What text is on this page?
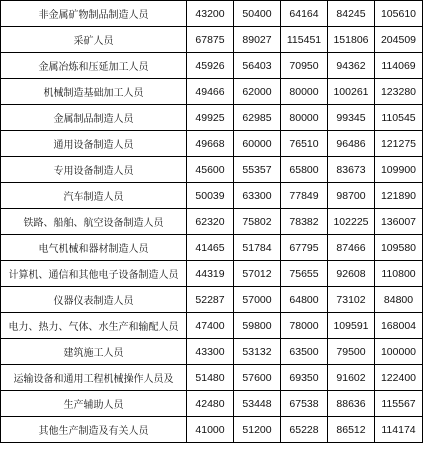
非金属矿物制品制造人员	43200	50400	64164	84245	105610
采矿人员	67875	89027	115451	151806	204509
金属冶炼和压延加工人员	45926	56403	70950	94362	114069
机械制造基础加工人员	49466	62000	80000	100261	123280
金属制品制造人员	49925	62985	80000	99345	110545
通用设备制造人员	49668	60000	76510	96486	121275
专用设备制造人员	45600	55357	65800	83673	109900
汽车制造人员	50039	63300	77849	98700	121890
铁路、船舶、航空设备制造人员	62320	75802	78382	102225	136007
电气机械和器材制造人员	41465	51784	67795	87466	109580
计算机、通信和其他电子设备制造人员	44319	57012	75655	92608	110800
仪器仪表制造人员	52287	57000	64800	73102	84800
电力、热力、气体、水生产和输配人员	47400	59800	78000	109591	168004
建筑施工人员	43300	53132	63500	79500	100000
运输设备和通用工程机械操作人员及	51480	57600	69350	91602	122400
生产辅助人员	42480	53448	67538	88636	115567
其他生产制造及有关人员	41000	51200	65228	86512	114174
